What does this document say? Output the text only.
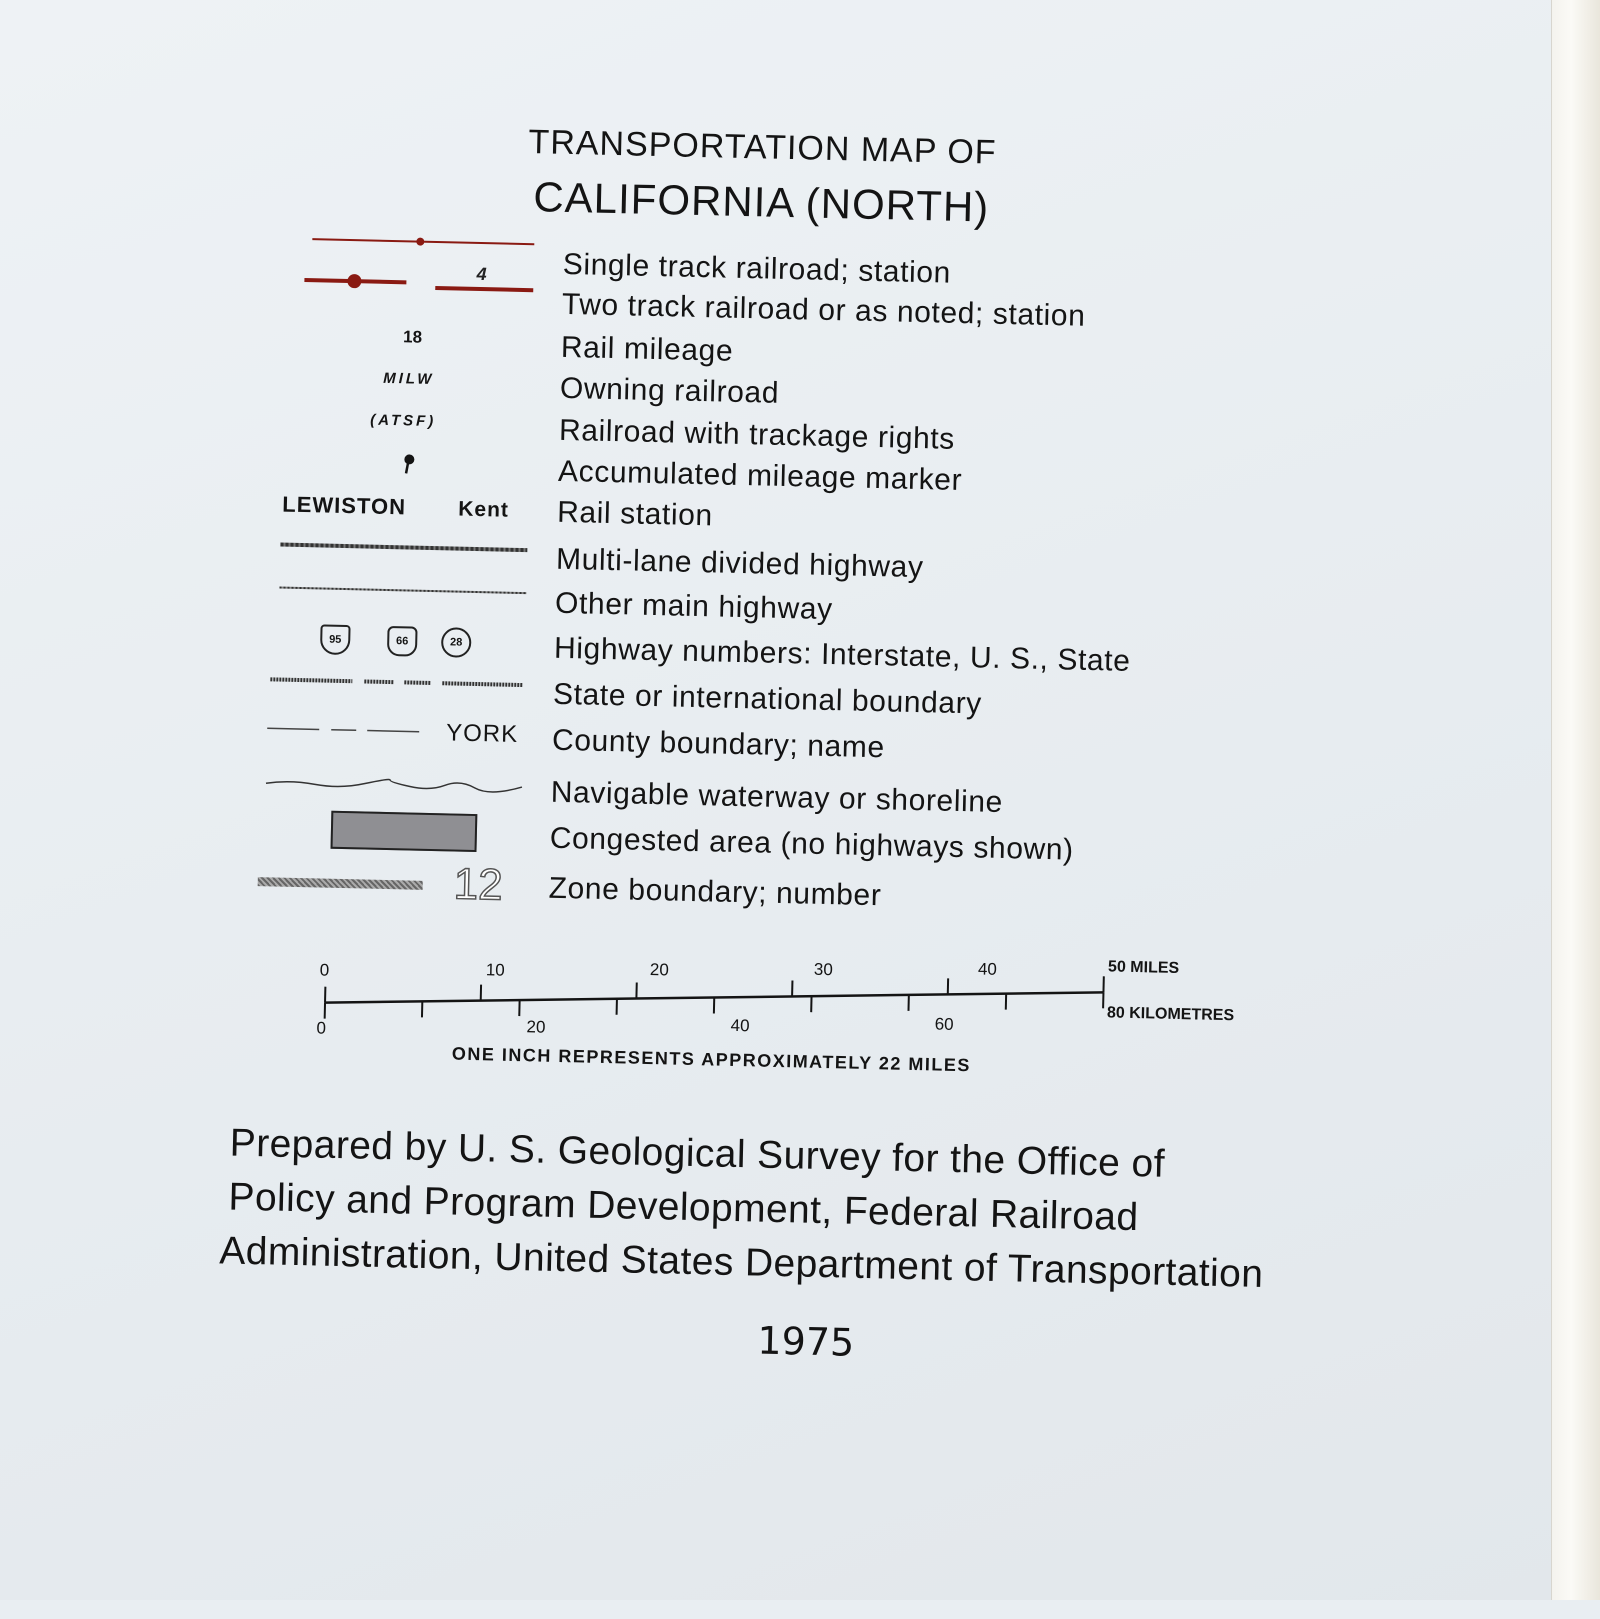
TRANSPORTATION MAP OF
CALIFORNIA (NORTH)
Single track railroad; station
4
Two track railroad or as noted; station
18	Rail mileage
MILW	Owning railroad
(ATSF)	Railroad with trackage rights
Accumulated mileage marker
LEWISTON Kent Rail station
Multi-lane divided highway
Other main highway
95	66	28	Highway numbers: Interstate, U. S., State
State or international boundary
YORK County boundary; name
Navigable waterway or shoreline
Congested area (no highways shown)
12 Zone boundary; number
0	10	20	30	40	50 MILES
0	20	40	60	80 KILOMETRES
ONE INCH REPRESENTS APPROXIMATELY 22 MILES
Prepared by U. S. Geological Survey for the Office of
Policy and Program Development, Federal Railroad
Administration, United States Department of Transportation
1975
